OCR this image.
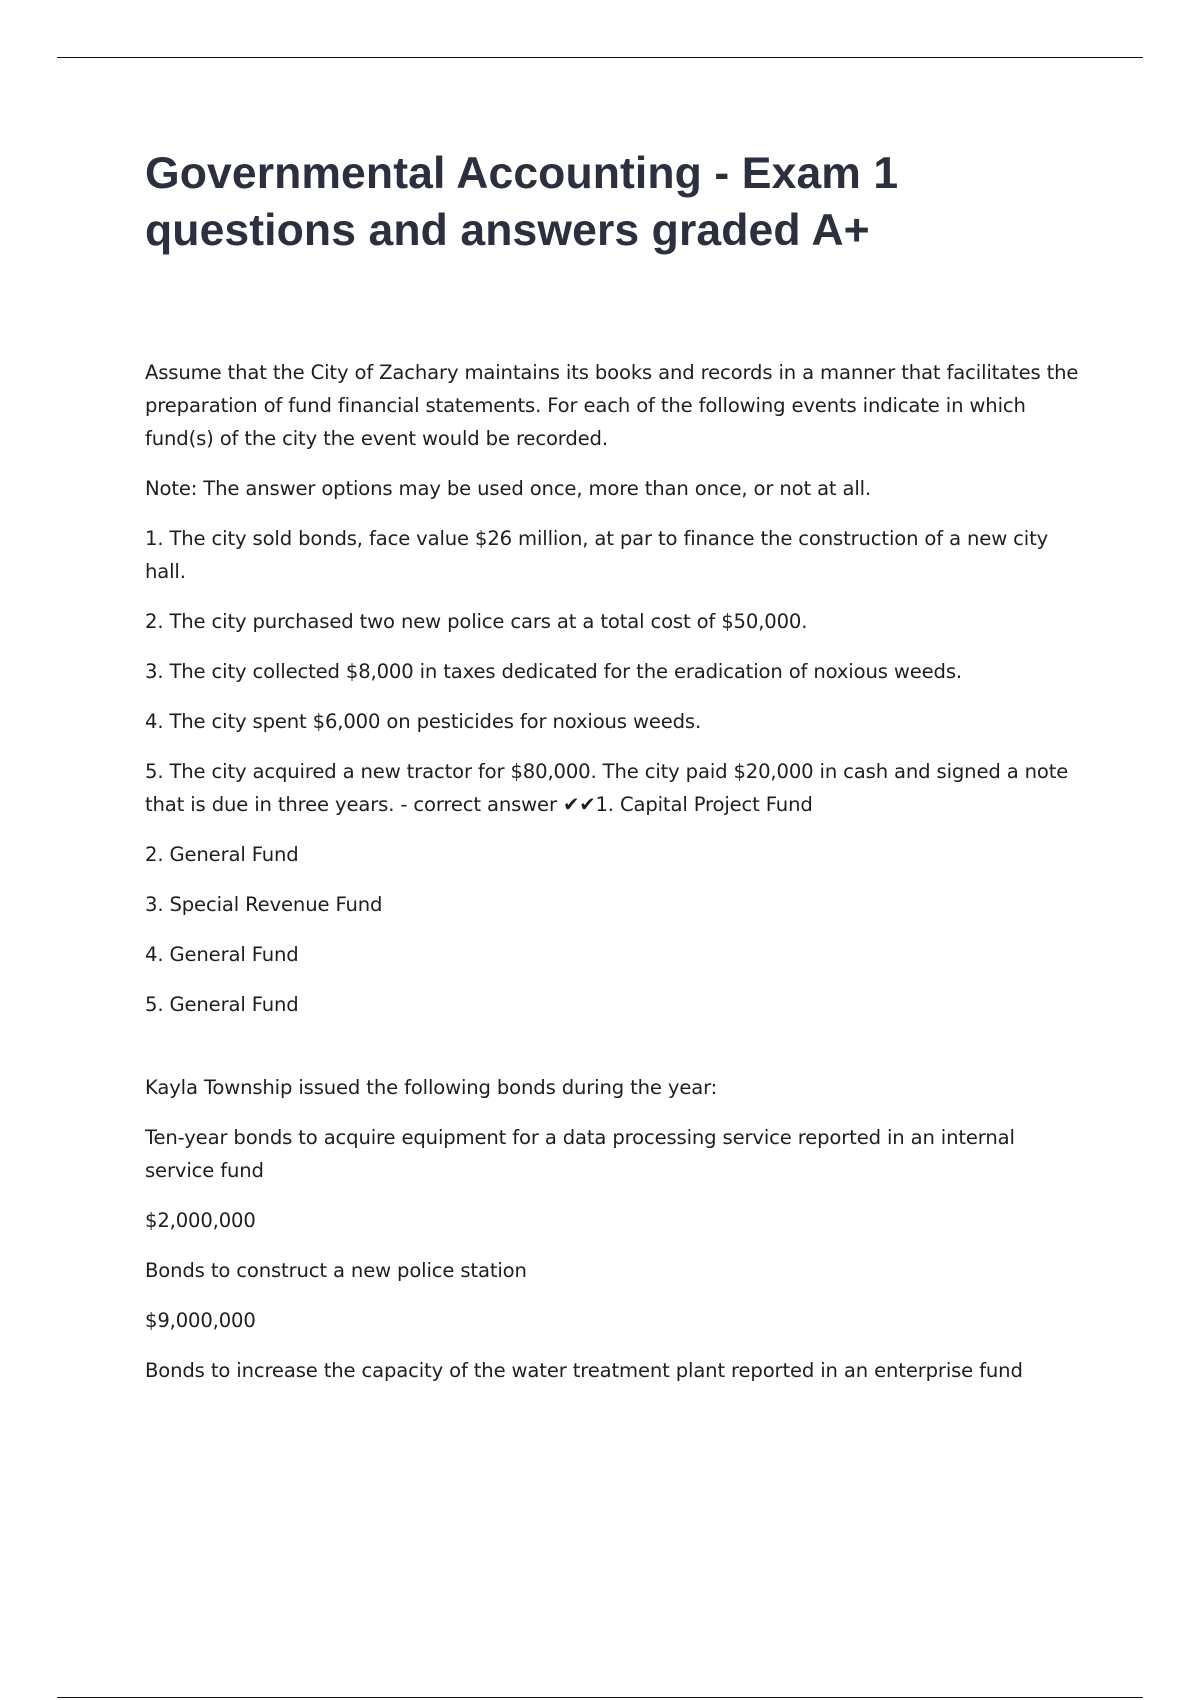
Governmental Accounting - Exam 1 questions and answers graded A+

Assume that the City of Zachary maintains its books and records in a manner that facilitates the preparation of fund financial statements. For each of the following events indicate in which fund(s) of the city the event would be recorded.

Note: The answer options may be used once, more than once, or not at all.

1. The city sold bonds, face value $26 million, at par to finance the construction of a new city hall.

2. The city purchased two new police cars at a total cost of $50,000.

3. The city collected $8,000 in taxes dedicated for the eradication of noxious weeds.

4. The city spent $6,000 on pesticides for noxious weeds.

5. The city acquired a new tractor for $80,000. The city paid $20,000 in cash and signed a note that is due in three years. - correct answer ✔✔1. Capital Project Fund

2. General Fund

3. Special Revenue Fund

4. General Fund

5. General Fund

Kayla Township issued the following bonds during the year:

Ten-year bonds to acquire equipment for a data processing service reported in an internal service fund

$2,000,000

Bonds to construct a new police station

$9,000,000

Bonds to increase the capacity of the water treatment plant reported in an enterprise fund
